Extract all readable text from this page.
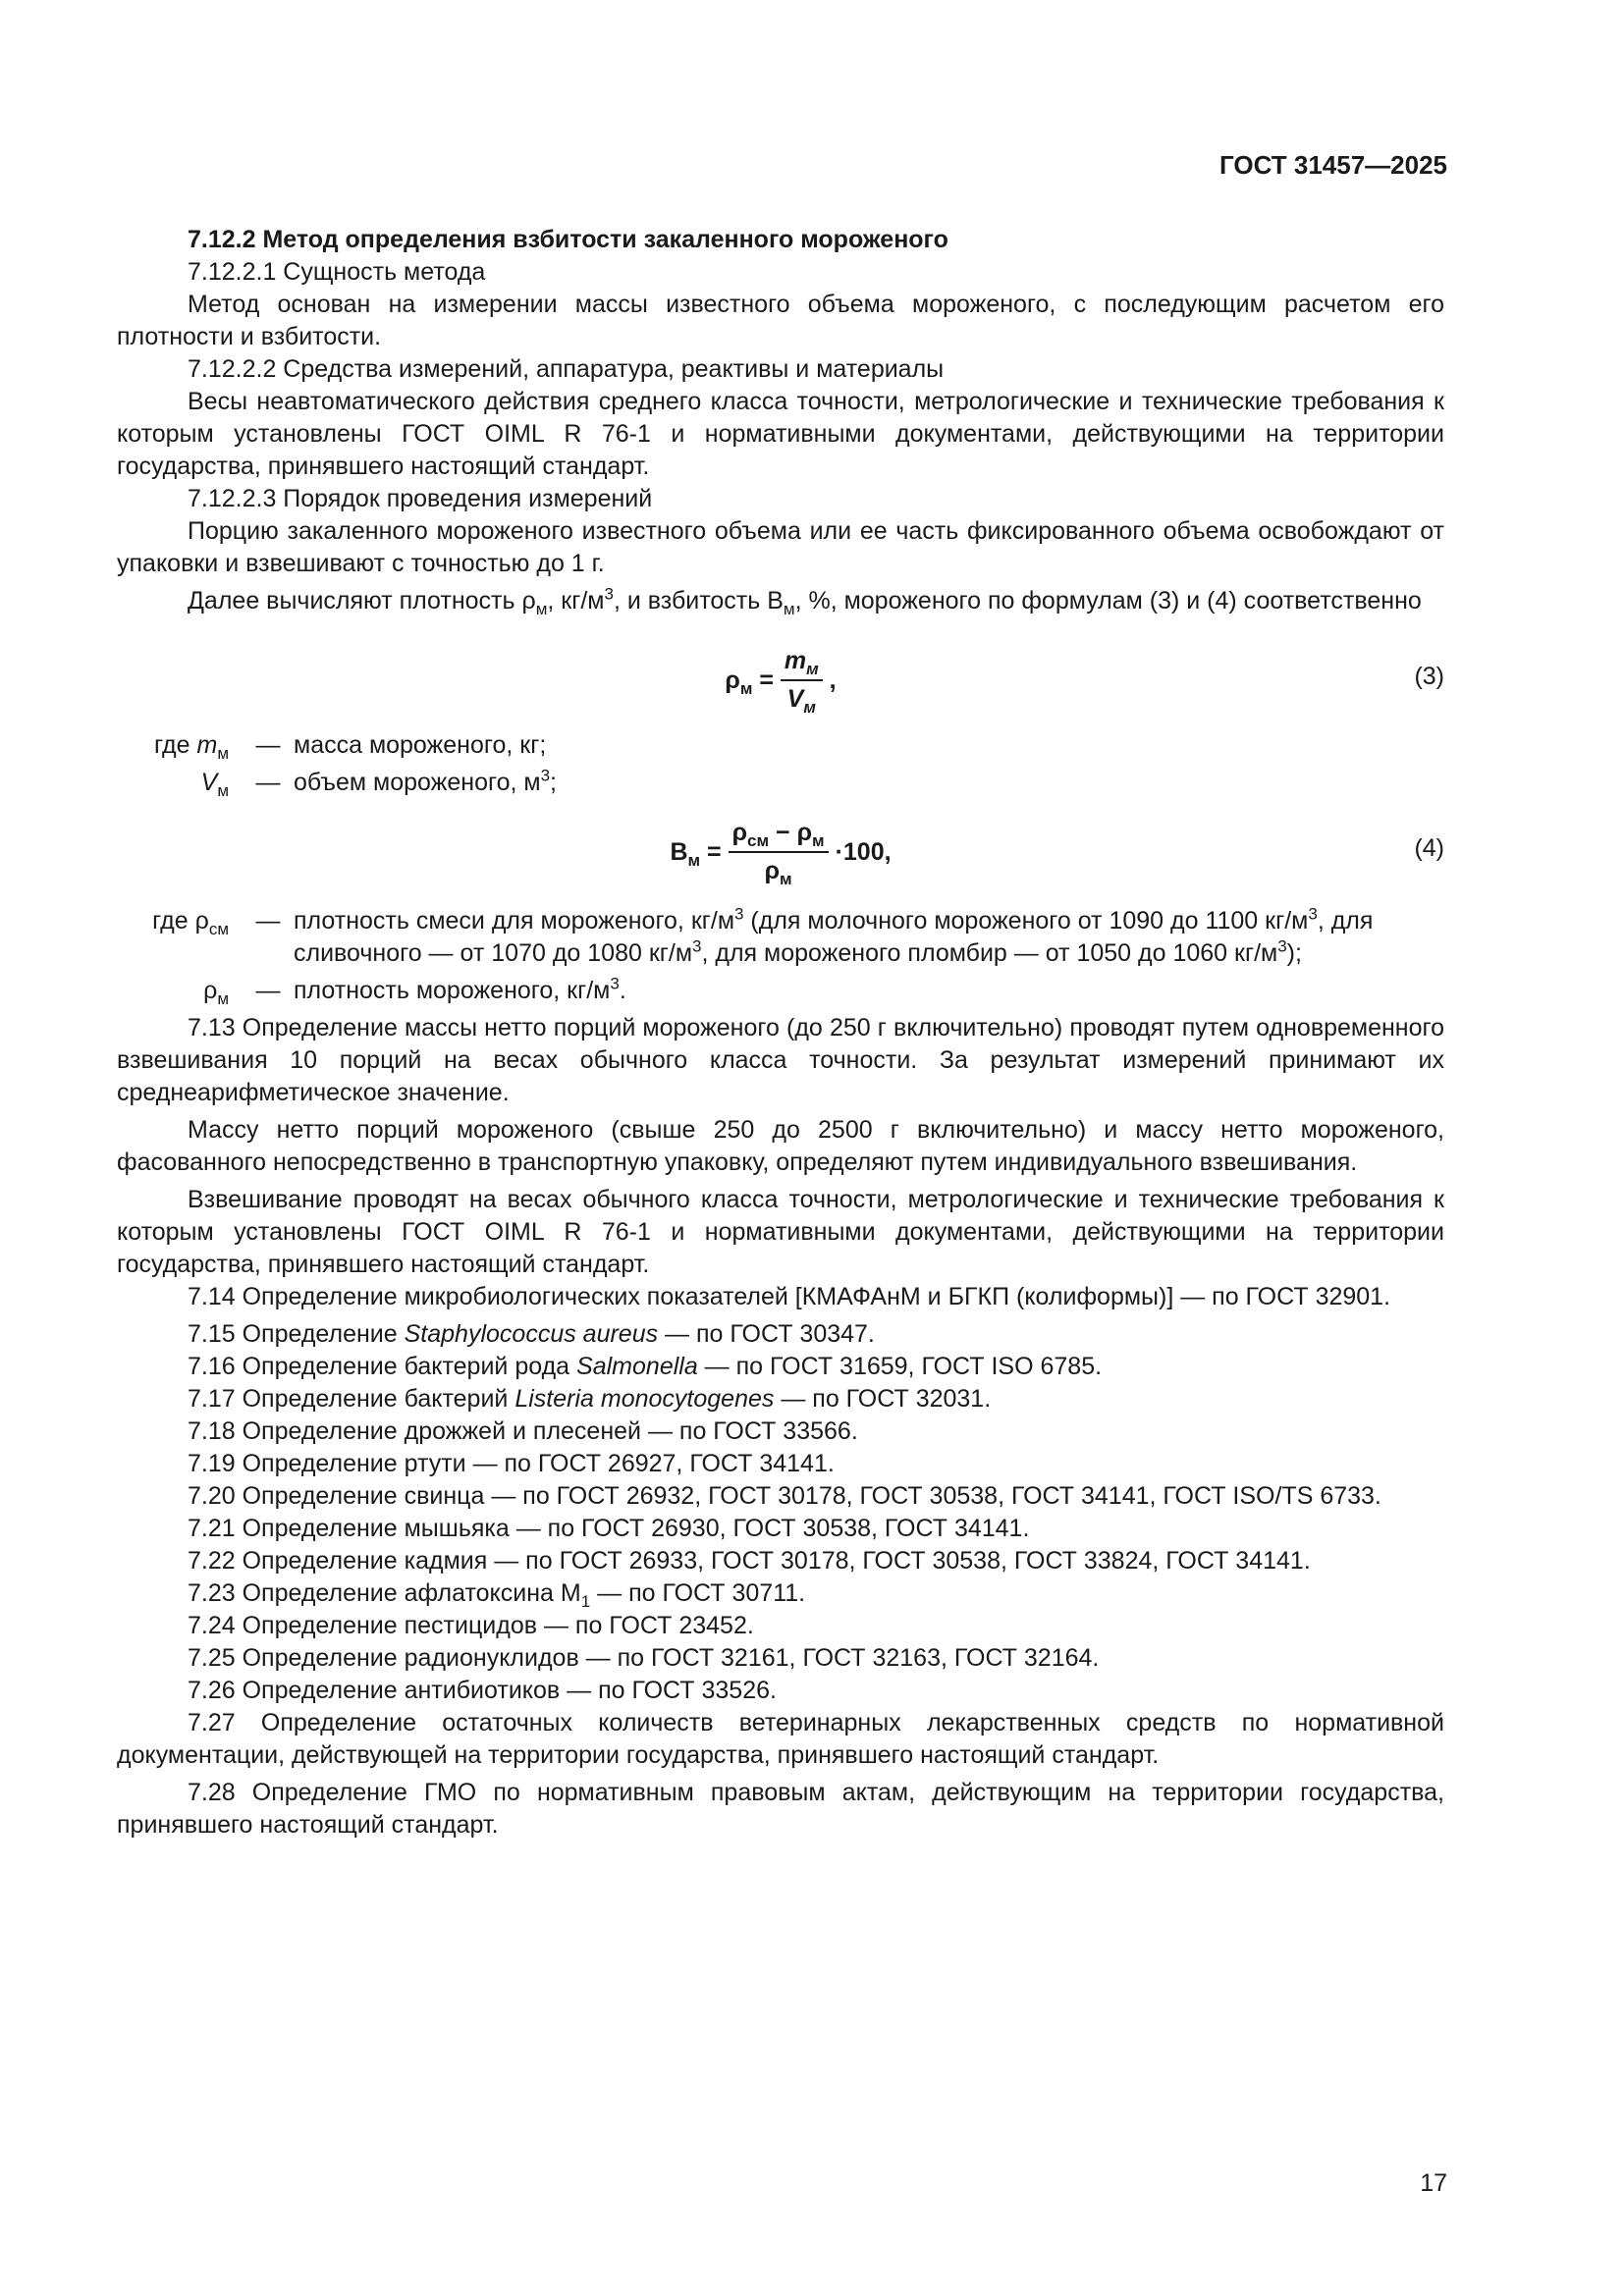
ГОСТ 31457—2025

7.12.2 Метод определения взбитости закаленного мороженого

7.12.2.1 Сущность метода

Метод основан на измерении массы известного объема мороженого, с последующим расчетом его плотности и взбитости.

7.12.2.2 Средства измерений, аппаратура, реактивы и материалы

Весы неавтоматического действия среднего класса точности, метрологические и технические требования к которым установлены ГОСТ OIML R 76-1 и нормативными документами, действующими на территории государства, принявшего настоящий стандарт.

7.12.2.3 Порядок проведения измерений

Порцию закаленного мороженого известного объема или ее часть фиксированного объема освобождают от упаковки и взвешивают с точностью до 1 г.

Далее вычисляют плотность $\rho_м$, $кг/м^3$, и взбитость $В_м$, %, мороженого по формулам (3) и (4) соответственно

$\rho_м = \frac{m_м}{V_м}$ ,	(3)
где $m_м$	— масса мороженого, кг;
$V_м$	— объем мороженого, $м^3$;
$В_м = \frac{\rho_{см} - \rho_м}{\rho_м} \cdot 100$,	(4)
где $\rho_{см}$	— плотность смеси для мороженого, $кг/м^3$ (для молочного мороженого от 1090 до 1100 $кг/м^3$, для сливочного — от 1070 до 1080 $кг/м^3$, для мороженого пломбир — от 1050 до 1060 $кг/м^3$);
$\rho_м$	— плотность мороженого, $кг/м^3$.

7.13 Определение массы нетто порций мороженого (до 250 г включительно) проводят путем одновременного взвешивания 10 порций на весах обычного класса точности. За результат измерений принимают их среднеарифметическое значение.

Массу нетто порций мороженого (свыше 250 до 2500 г включительно) и массу нетто мороженого, фасованного непосредственно в транспортную упаковку, определяют путем индивидуального взвешивания.

Взвешивание проводят на весах обычного класса точности, метрологические и технические требования к которым установлены ГОСТ OIML R 76-1 и нормативными документами, действующими на территории государства, принявшего настоящий стандарт.

7.14 Определение микробиологических показателей [КМАФАнМ и БГКП (колиформы)] — по ГОСТ 32901.

7.15 Определение Staphylococcus aureus — по ГОСТ 30347.

7.16 Определение бактерий рода Salmonella — по ГОСТ 31659, ГОСТ ISO 6785.

7.17 Определение бактерий Listeria monocytogenes — по ГОСТ 32031.

7.18 Определение дрожжей и плесеней — по ГОСТ 33566.

7.19 Определение ртути — по ГОСТ 26927, ГОСТ 34141.

7.20 Определение свинца — по ГОСТ 26932, ГОСТ 30178, ГОСТ 30538, ГОСТ 34141, ГОСТ ISO/TS 6733.

7.21 Определение мышьяка — по ГОСТ 26930, ГОСТ 30538, ГОСТ 34141.

7.22 Определение кадмия — по ГОСТ 26933, ГОСТ 30178, ГОСТ 30538, ГОСТ 33824, ГОСТ 34141.

7.23 Определение афлатоксина $М_1$ — по ГОСТ 30711.

7.24 Определение пестицидов — по ГОСТ 23452.

7.25 Определение радионуклидов — по ГОСТ 32161, ГОСТ 32163, ГОСТ 32164.

7.26 Определение антибиотиков — по ГОСТ 33526.

7.27 Определение остаточных количеств ветеринарных лекарственных средств по нормативной документации, действующей на территории государства, принявшего настоящий стандарт.

7.28 Определение ГМО по нормативным правовым актам, действующим на территории государства, принявшего настоящий стандарт.

17
